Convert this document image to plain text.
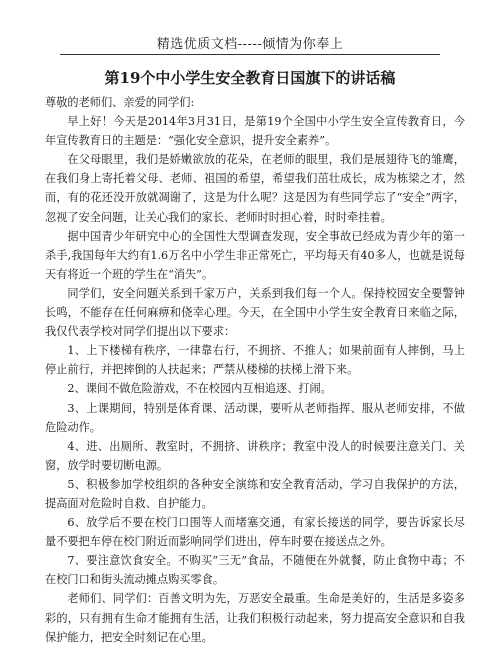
精选优质文档-----倾情为你奉上
第19个中小学生安全教育日国旗下的讲话稿

尊敬的老师们、亲爱的同学们:

早上好！今天是2014年3月31日，是第19个全国中小学生安全宣传教育日，今年宣传教育日的主题是：“强化安全意识，提升安全素养”。

在父母眼里，我们是娇嫩欲放的花朵，在老师的眼里，我们是展翅待飞的雏鹰，在我们身上寄托着父母、老师、祖国的希望，希望我们茁壮成长，成为栋梁之才，然而，有的花还没开放就凋谢了，这是为什么呢？这是因为有些同学忘了“安全”两字，忽视了安全问题，让关心我们的家长、老师时时担心着，时时牵挂着。

据中国青少年研究中心的全国性大型调查发现，安全事故已经成为青少年的第一杀手,我国每年大约有1.6万名中小学生非正常死亡，平均每天有40多人，也就是说每天有将近一个班的学生在“消失”。

同学们，安全问题关系到千家万户，关系到我们每一个人。保持校园安全要警钟长鸣，不能存在任何麻痹和侥幸心理。今天，在全国中小学生安全教育日来临之际，我仅代表学校对同学们提出以下要求：

1、上下楼梯有秩序，一律靠右行，不拥挤、不推人；如果前面有人摔倒，马上停止前行，并把摔倒的人扶起来；严禁从楼梯的扶梯上滑下来。

2、课间不做危险游戏，不在校园内互相追逐、打闹。

3、上课期间，特别是体育课、活动课，要听从老师指挥、服从老师安排，不做危险动作。

4、进、出厕所、教室时，不拥挤、讲秩序；教室中没人的时候要注意关门、关窗，放学时要切断电源。

5、积极参加学校组织的各种安全演练和安全教育活动，学习自我保护的方法，提高面对危险时自救、自护能力。

6、放学后不要在校门口围等人而堵塞交通，有家长接送的同学，要告诉家长尽量不要把车停在校门附近而影响同学们进出，停车时要在接送点之外。

7、要注意饮食安全。不购买“三无”食品，不随便在外就餐，防止食物中毒；不在校门口和街头流动摊点购买零食。

老师们、同学们：百善文明为先，万恶安全最重。生命是美好的，生活是多姿多彩的，只有拥有生命才能拥有生活，让我们积极行动起来，努力提高安全意识和自我保护能力，把安全时刻记在心里。
